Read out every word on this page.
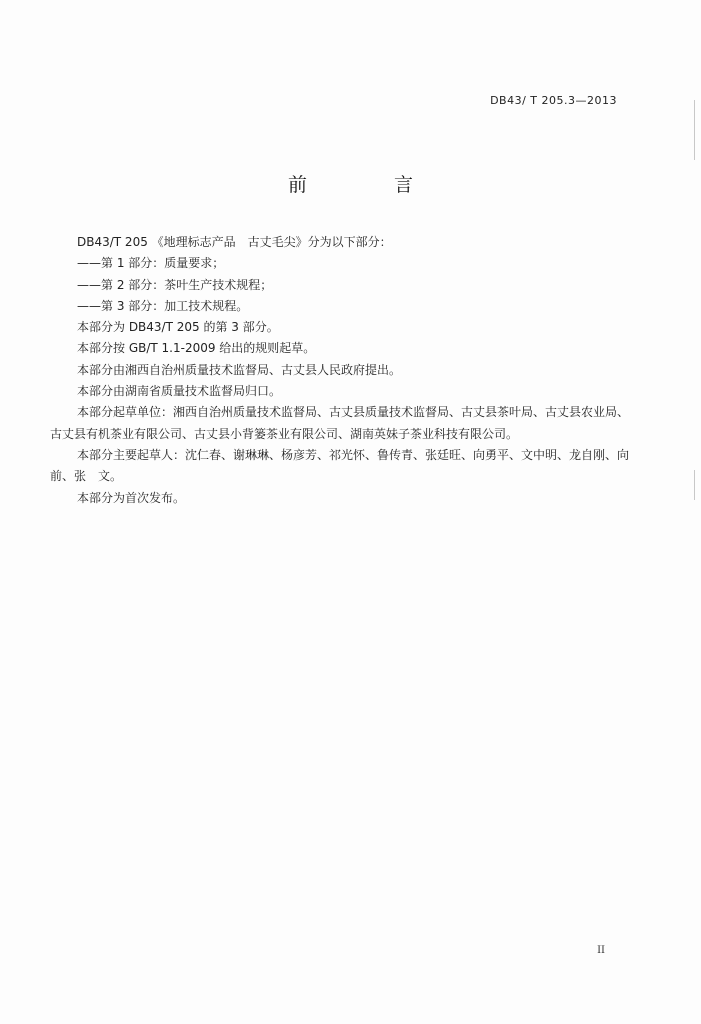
DB43/ T 205.3—2013
前　言
DB43/T 205 《地理标志产品　古丈毛尖》分为以下部分：
——第 1 部分：质量要求；
——第 2 部分：茶叶生产技术规程；
——第 3 部分：加工技术规程。
本部分为 DB43/T 205 的第 3 部分。
本部分按 GB/T 1.1-2009 给出的规则起草。
本部分由湘西自治州质量技术监督局、古丈县人民政府提出。
本部分由湖南省质量技术监督局归口。
本部分起草单位：湘西自治州质量技术监督局、古丈县质量技术监督局、古丈县茶叶局、古丈县农业局、古丈县有机茶业有限公司、古丈县小背篓茶业有限公司、湖南英妹子茶业科技有限公司。
本部分主要起草人：沈仁春、谢琳琳、杨彦芳、祁光怀、鲁传青、张廷旺、向勇平、文中明、龙自刚、向　前、张　文。
本部分为首次发布。
II
